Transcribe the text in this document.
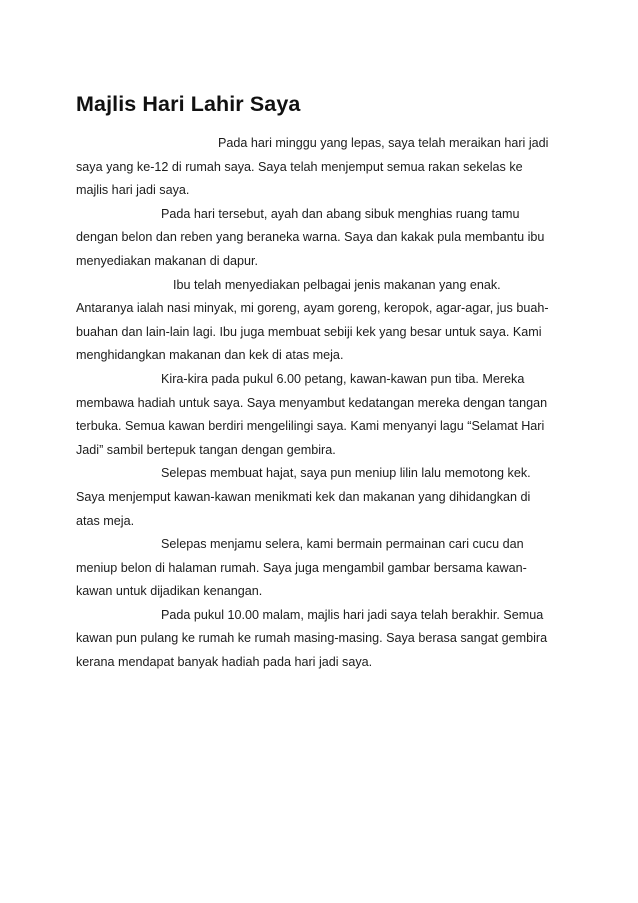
Majlis Hari Lahir Saya

Pada hari minggu yang lepas, saya telah meraikan hari jadi
saya yang ke-12 di rumah saya. Saya telah menjemput semua rakan sekelas ke
majlis hari jadi saya.

Pada hari tersebut, ayah dan abang sibuk menghias ruang tamu
dengan belon dan reben yang beraneka warna. Saya dan kakak pula membantu ibu
menyediakan makanan di dapur.

Ibu telah menyediakan pelbagai jenis makanan yang enak.
Antaranya ialah nasi minyak, mi goreng, ayam goreng, keropok, agar-agar, jus buah-
buahan dan lain-lain lagi. Ibu juga membuat sebiji kek yang besar untuk saya. Kami
menghidangkan makanan dan kek di atas meja.

Kira-kira pada pukul 6.00 petang, kawan-kawan pun tiba. Mereka
membawa hadiah untuk saya. Saya menyambut kedatangan mereka dengan tangan
terbuka. Semua kawan berdiri mengelilingi saya. Kami menyanyi lagu “Selamat Hari
Jadi” sambil bertepuk tangan dengan gembira.

Selepas membuat hajat, saya pun meniup lilin lalu memotong kek.
Saya menjemput kawan-kawan menikmati kek dan makanan yang dihidangkan di
atas meja.

Selepas menjamu selera, kami bermain permainan cari cucu dan
meniup belon di halaman rumah. Saya juga mengambil gambar bersama kawan-
kawan untuk dijadikan kenangan.

Pada pukul 10.00 malam, majlis hari jadi saya telah berakhir. Semua
kawan pun pulang ke rumah ke rumah masing-masing. Saya berasa sangat gembira
kerana mendapat banyak hadiah pada hari jadi saya.
